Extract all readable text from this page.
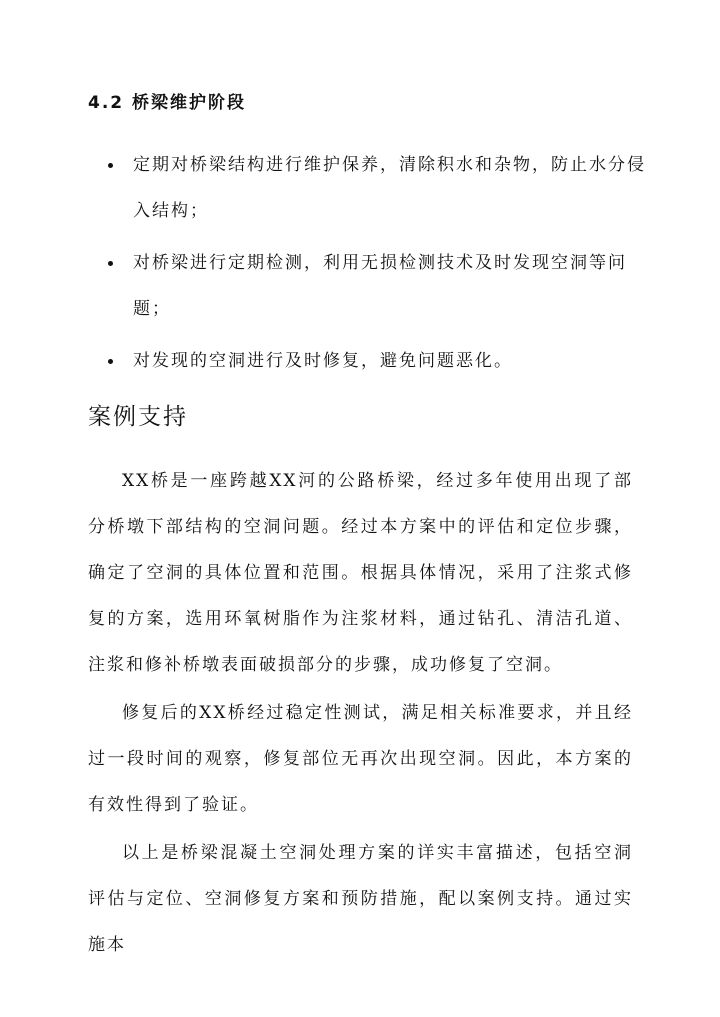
4.2 桥梁维护阶段
定期对桥梁结构进行维护保养，清除积水和杂物，防止水分侵入结构；
对桥梁进行定期检测，利用无损检测技术及时发现空洞等问题；
对发现的空洞进行及时修复，避免问题恶化。
案例支持

XX桥是一座跨越XX河的公路桥梁，经过多年使用出现了部分桥墩下部结构的空洞问题。经过本方案中的评估和定位步骤，确定了空洞的具体位置和范围。根据具体情况，采用了注浆式修复的方案，选用环氧树脂作为注浆材料，通过钻孔、清洁孔道、注浆和修补桥墩表面破损部分的步骤，成功修复了空洞。

修复后的XX桥经过稳定性测试，满足相关标准要求，并且经过一段时间的观察，修复部位无再次出现空洞。因此，本方案的有效性得到了验证。

以上是桥梁混凝土空洞处理方案的详实丰富描述，包括空洞评估与定位、空洞修复方案和预防措施，配以案例支持。通过实施本
